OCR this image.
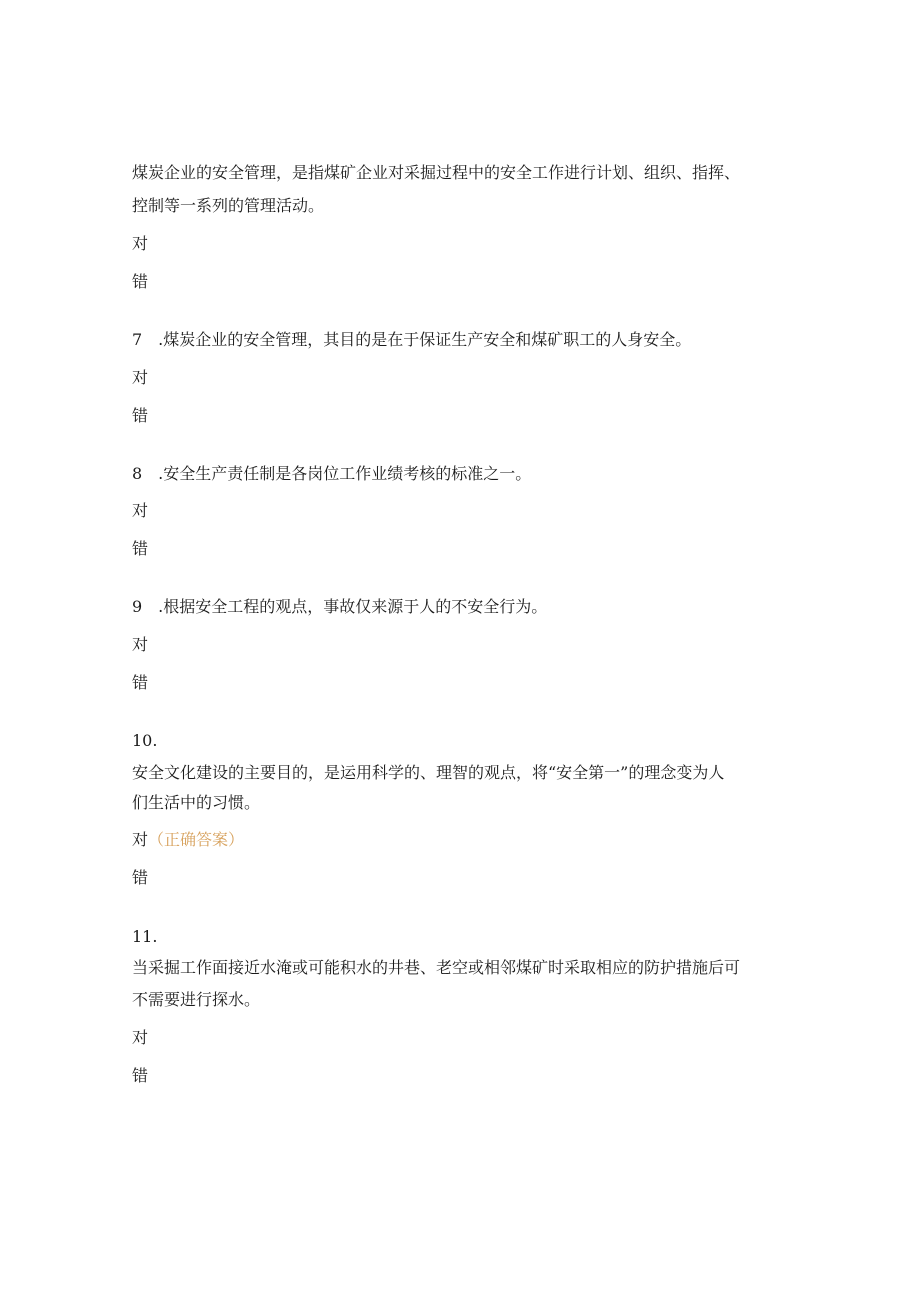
煤炭企业的安全管理，是指煤矿企业对采掘过程中的安全工作进行计划、组织、指挥、
控制等一系列的管理活动。
对
错
7　.煤炭企业的安全管理，其目的是在于保证生产安全和煤矿职工的人身安全。
对
错
8　.安全生产责任制是各岗位工作业绩考核的标准之一。
对
错
9　.根据安全工程的观点，事故仅来源于人的不安全行为。
对
错
10.
安全文化建设的主要目的，是运用科学的、理智的观点，将“安全第一”的理念变为人
们生活中的习惯。
对（正确答案）
错
11.
当采掘工作面接近水淹或可能积水的井巷、老空或相邻煤矿时采取相应的防护措施后可
不需要进行探水。
对
错
